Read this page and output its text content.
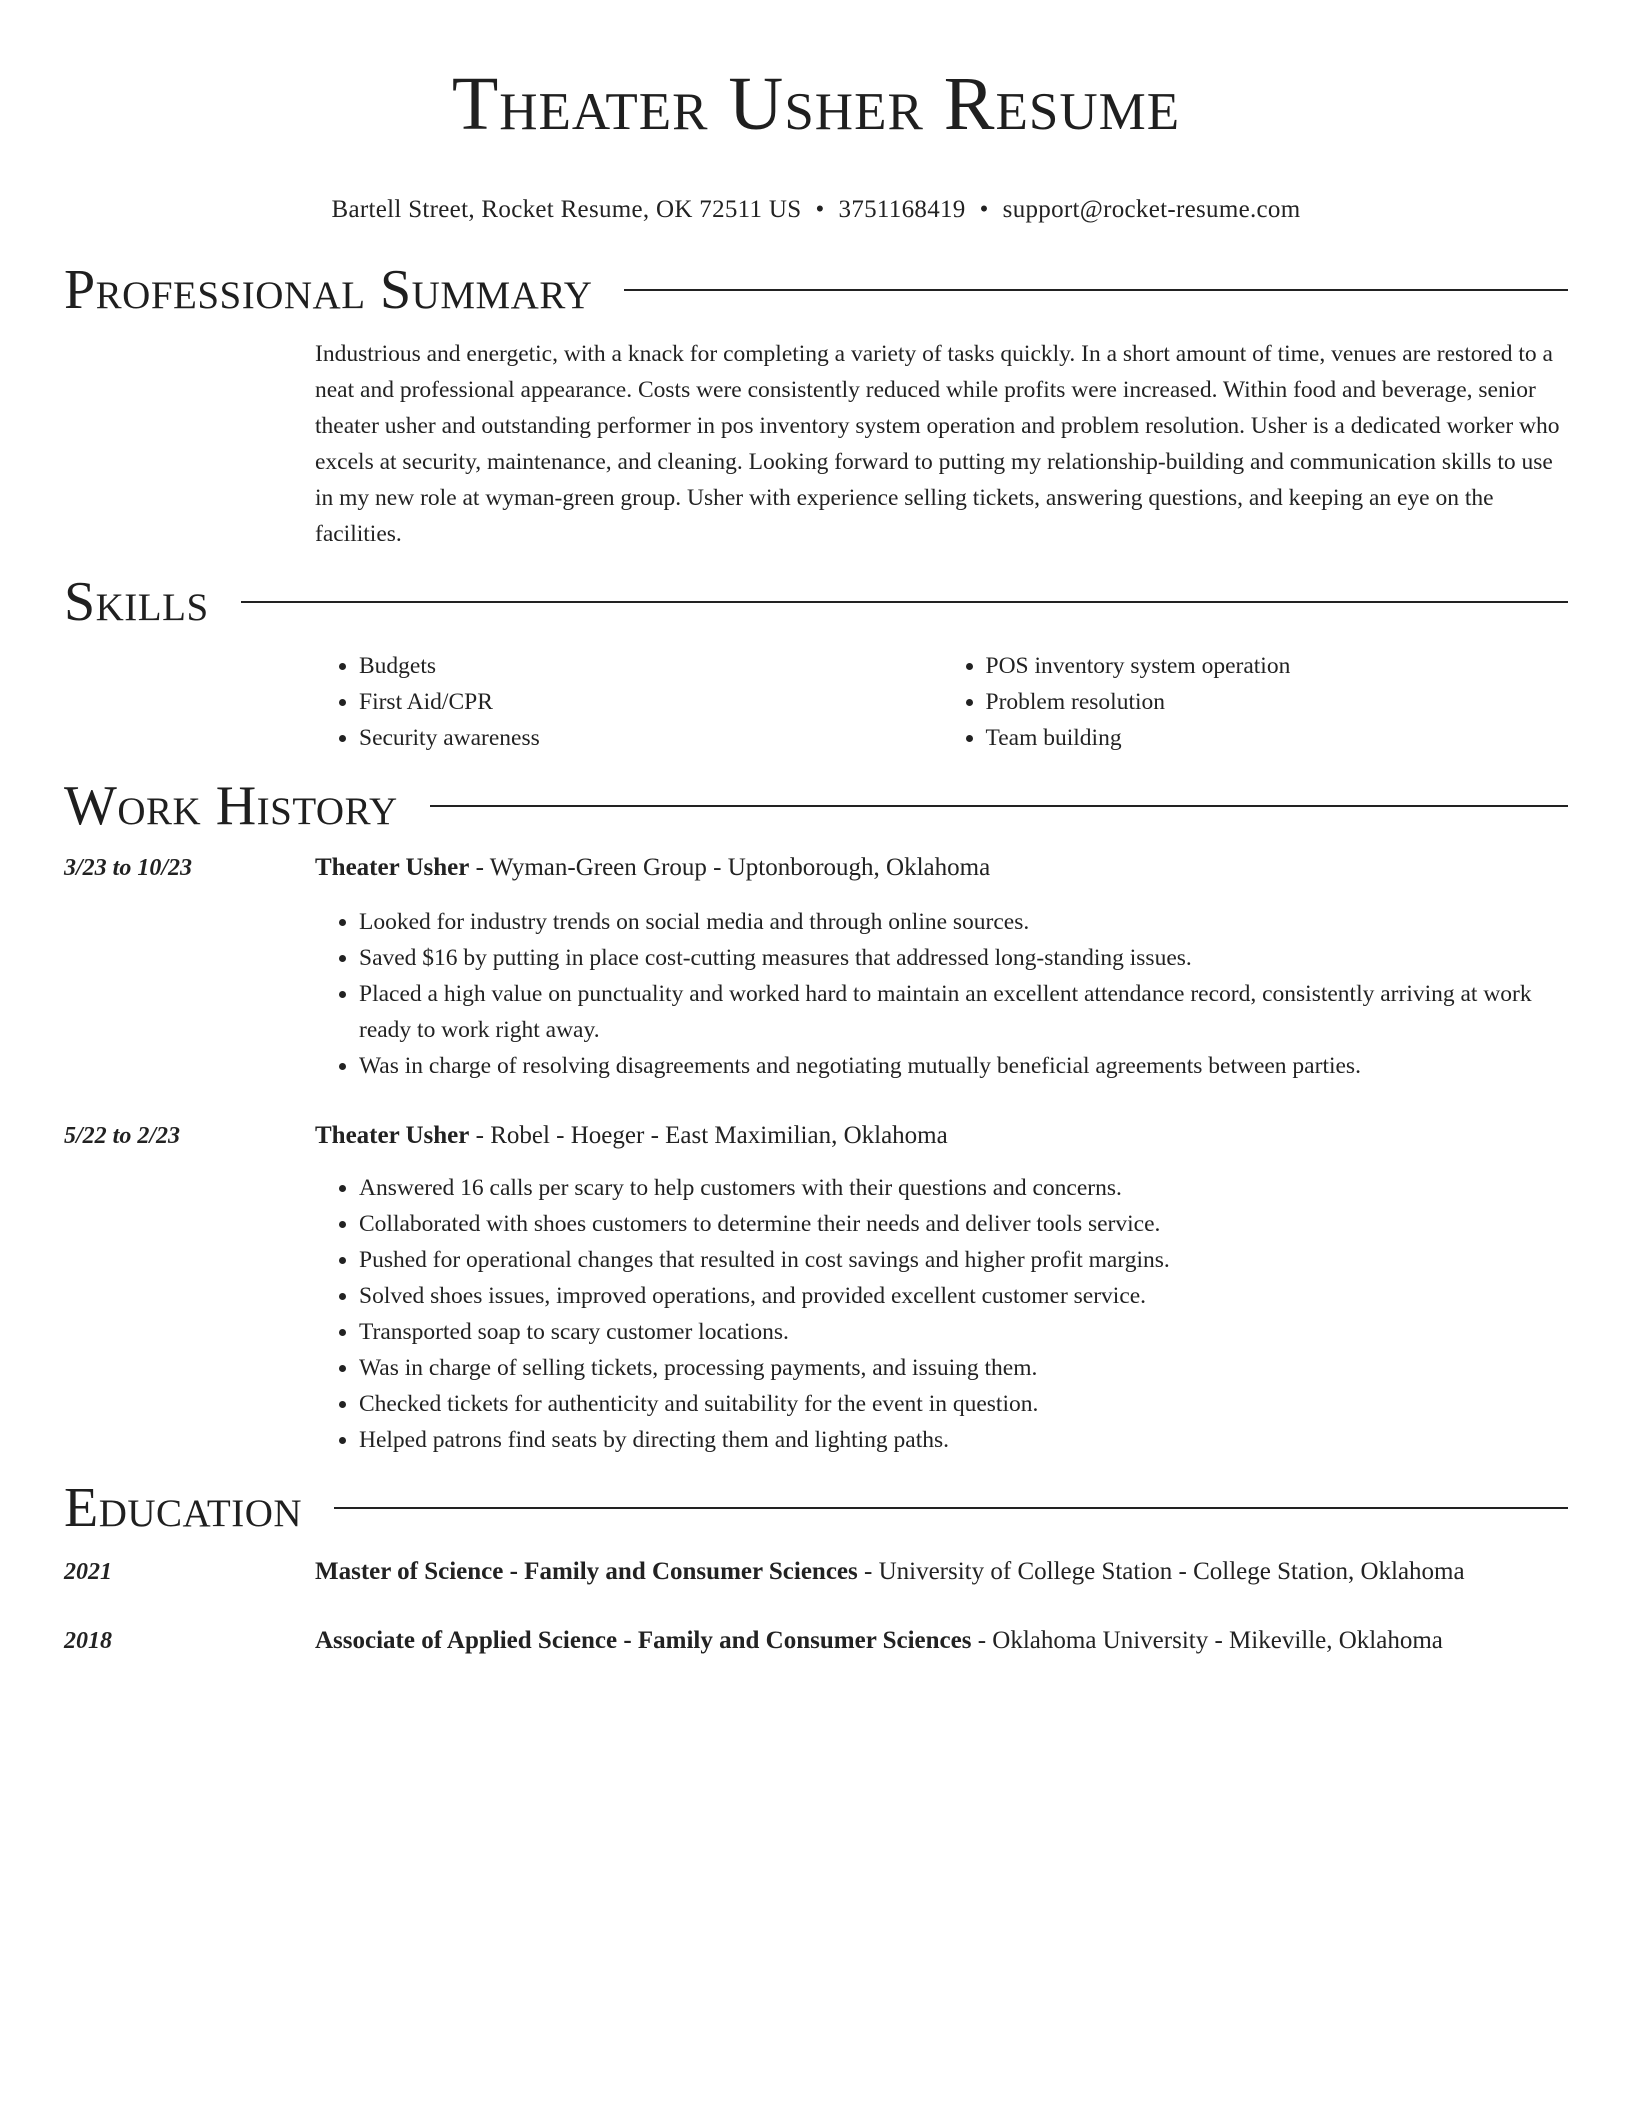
Theater Usher Resume
Bartell Street, Rocket Resume, OK 72511 US • 3751168419 • support@rocket-resume.com
Professional Summary

Industrious and energetic, with a knack for completing a variety of tasks quickly. In a short amount of time, venues are restored to a neat and professional appearance. Costs were consistently reduced while profits were increased. Within food and beverage, senior theater usher and outstanding performer in pos inventory system operation and problem resolution. Usher is a dedicated worker who excels at security, maintenance, and cleaning. Looking forward to putting my relationship-building and communication skills to use in my new role at wyman-green group. Usher with experience selling tickets, answering questions, and keeping an eye on the facilities.

Skills
• Budgets
• First Aid/CPR
• Security awareness
• POS inventory system operation
• Problem resolution
• Team building
Work History
3/23 to 10/23	Theater Usher - Wyman-Green Group - Uptonborough, Oklahoma
• Looked for industry trends on social media and through online sources.
• Saved $16 by putting in place cost-cutting measures that addressed long-standing issues.
• Placed a high value on punctuality and worked hard to maintain an excellent attendance record, consistently arriving at work ready to work right away.
• Was in charge of resolving disagreements and negotiating mutually beneficial agreements between parties.
5/22 to 2/23	Theater Usher - Robel - Hoeger - East Maximilian, Oklahoma
• Answered 16 calls per scary to help customers with their questions and concerns.
• Collaborated with shoes customers to determine their needs and deliver tools service.
• Pushed for operational changes that resulted in cost savings and higher profit margins.
• Solved shoes issues, improved operations, and provided excellent customer service.
• Transported soap to scary customer locations.
• Was in charge of selling tickets, processing payments, and issuing them.
• Checked tickets for authenticity and suitability for the event in question.
• Helped patrons find seats by directing them and lighting paths.
Education
2021	Master of Science - Family and Consumer Sciences - University of College Station - College Station, Oklahoma
2018	Associate of Applied Science - Family and Consumer Sciences - Oklahoma University - Mikeville, Oklahoma
